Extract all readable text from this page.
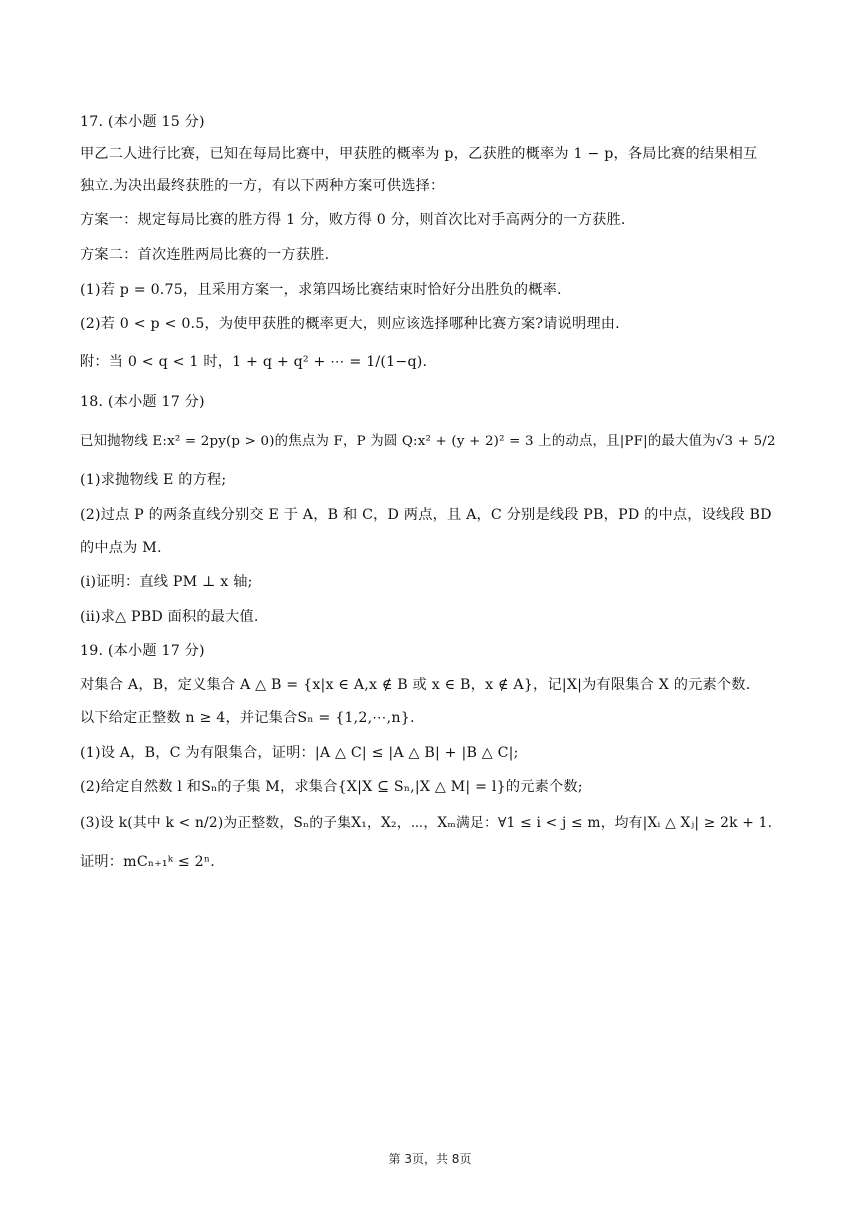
17. (本小题 15 分)
甲乙二人进行比赛，已知在每局比赛中，甲获胜的概率为 p，乙获胜的概率为 1 − p，各局比赛的结果相互
独立.为决出最终获胜的一方，有以下两种方案可供选择：
方案一：规定每局比赛的胜方得 1 分，败方得 0 分，则首次比对手高两分的一方获胜.
方案二：首次连胜两局比赛的一方获胜.
(1)若 p = 0.75，且采用方案一，求第四场比赛结束时恰好分出胜负的概率.
(2)若 0 < p < 0.5，为使甲获胜的概率更大，则应该选择哪种比赛方案?请说明理由.
附：当 0 < q < 1 时，1 + q + q² + ⋯ = 1/(1−q).
18. (本小题 17 分)
已知抛物线 E:x² = 2py(p > 0)的焦点为 F，P 为圆 Q:x² + (y + 2)² = 3 上的动点，且|PF|的最大值为√3 + 5/2
(1)求抛物线 E 的方程;
(2)过点 P 的两条直线分别交 E 于 A，B 和 C，D 两点，且 A，C 分别是线段 PB，PD 的中点，设线段 BD
的中点为 M.
(ⅰ)证明：直线 PM ⊥ x 轴;
(ⅱ)求△ PBD 面积的最大值.
19. (本小题 17 分)
对集合 A，B，定义集合 A △ B = {x|x ∈ A,x ∉ B 或 x ∈ B，x ∉ A}，记|X|为有限集合 X 的元素个数.
以下给定正整数 n ≥ 4，并记集合Sₙ = {1,2,⋯,n}.
(1)设 A，B，C 为有限集合，证明：|A △ C| ≤ |A △ B| + |B △ C|;
(2)给定自然数 l 和Sₙ的子集 M，求集合{X|X ⊆ Sₙ,|X △ M| = l}的元素个数;
(3)设 k(其中 k < n/2)为正整数，Sₙ的子集X₁，X₂，⋯，Xₘ满足：∀1 ≤ i < j ≤ m，均有|Xᵢ △ Xⱼ| ≥ 2k + 1.
证明：mCₙ₊₁ᵏ ≤ 2ⁿ.
第 3页，共 8页
